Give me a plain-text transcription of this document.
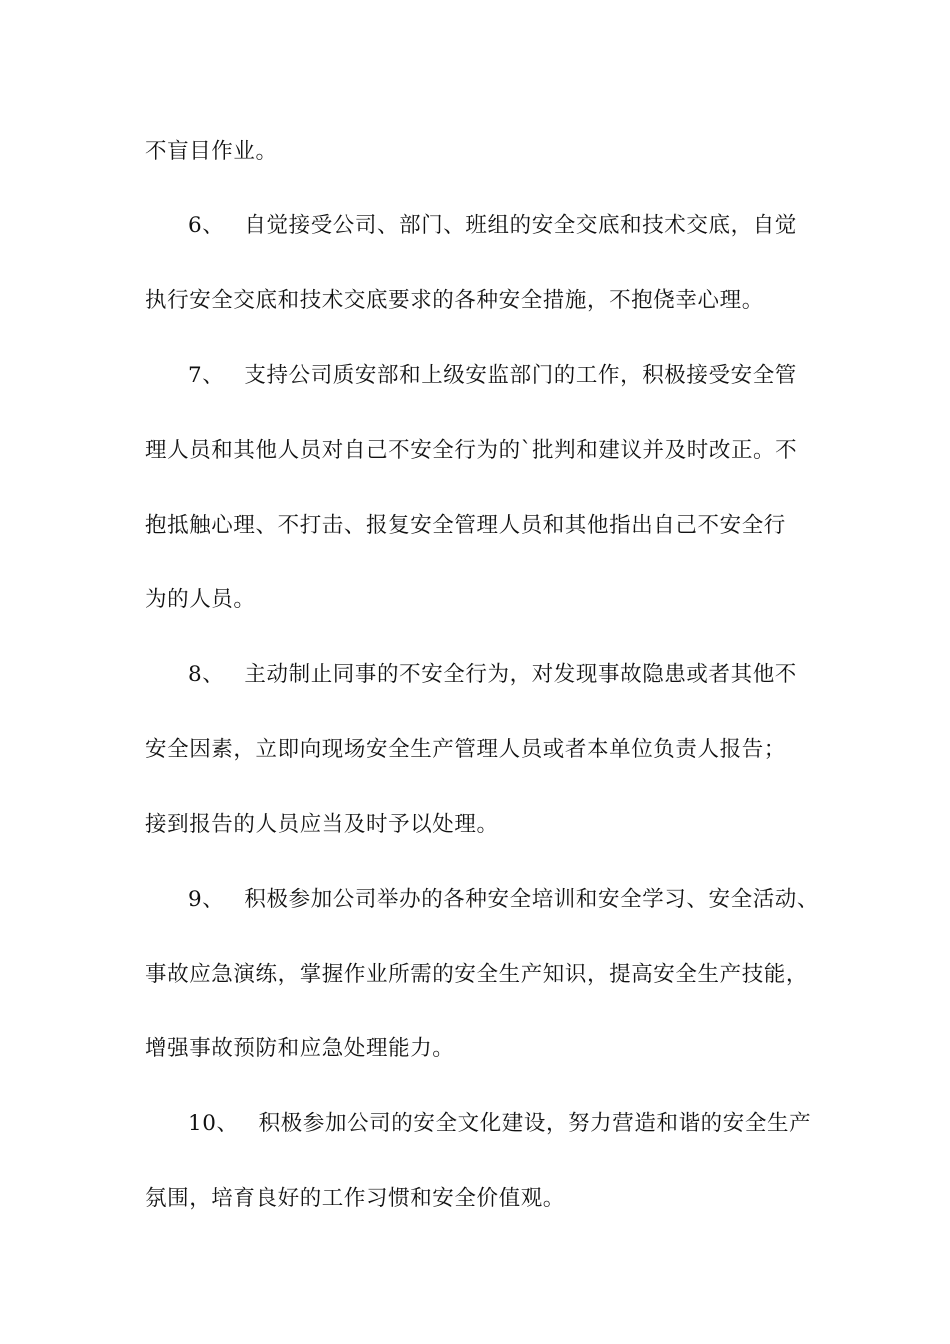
不盲目作业。
6、 自觉接受公司、部门、班组的安全交底和技术交底，自觉
执行安全交底和技术交底要求的各种安全措施，不抱侥幸心理。
7、 支持公司质安部和上级安监部门的工作，积极接受安全管
理人员和其他人员对自己不安全行为的`批判和建议并及时改正。不
抱抵触心理、不打击、报复安全管理人员和其他指出自己不安全行
为的人员。
8、 主动制止同事的不安全行为，对发现事故隐患或者其他不
安全因素，立即向现场安全生产管理人员或者本单位负责人报告；
接到报告的人员应当及时予以处理。
9、 积极参加公司举办的各种安全培训和安全学习、安全活动、
事故应急演练，掌握作业所需的安全生产知识，提高安全生产技能，
增强事故预防和应急处理能力。
10、 积极参加公司的安全文化建设，努力营造和谐的安全生产
氛围，培育良好的工作习惯和安全价值观。
